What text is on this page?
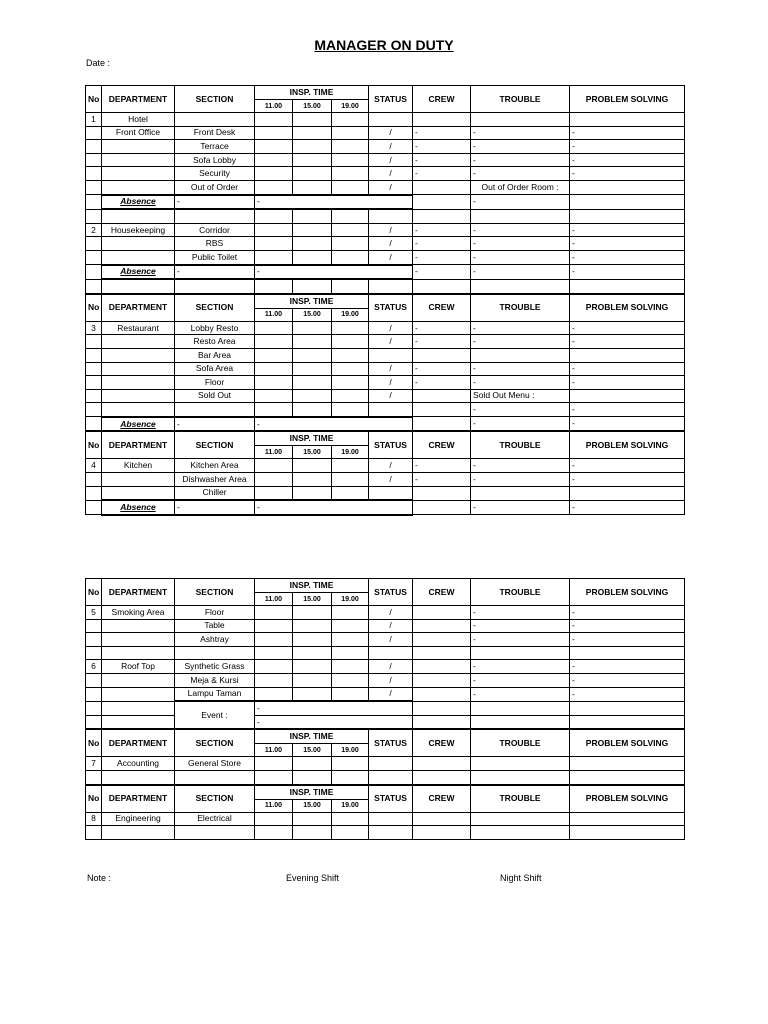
MANAGER ON DUTY
Date :
No	DEPARTMENT	SECTION	INSP. TIME			STATUS	CREW	TROUBLE	PROBLEM SOLVING
			11.00	15.00	19.00				
1	Hotel								
	Front Office	Front Desk				/	-	-	-
		Terrace				/	-	-	-
		Sofa Lobby				/	-	-	-
		Security				/	-	-	-
		Out of Order				/		Out of Order Room :	
	Absence	-	-					-	

2	Housekeeping	Corridor				/	-	-	-
		RBS				/	-	-	-
		Public Toilet				/	-	-	-
	Absence	-	-				-	-	-

No	DEPARTMENT	SECTION	INSP. TIME			STATUS	CREW	TROUBLE	PROBLEM SOLVING
			11.00	15.00	19.00				
3	Restaurant	Lobby Resto				/	-	-	-
		Resto Area				/	-	-	-
		Bar Area							
		Sofa Area				/	-	-	-
		Floor				/	-	-	-
		Sold Out				/		Sold Out Menu :	
								-	-
	Absence	-	-					-	-
No	DEPARTMENT	SECTION	INSP. TIME			STATUS	CREW	TROUBLE	PROBLEM SOLVING
			11.00	15.00	19.00				
4	Kitchen	Kitchen Area				/	-	-	-
		Dishwasher Area				/	-	-	-
		Chiller							
	Absence	-	-					-	-
No	DEPARTMENT	SECTION	INSP. TIME			STATUS	CREW	TROUBLE	PROBLEM SOLVING
			11.00	15.00	19.00				
5	Smoking Area	Floor				/		-	-
		Table				/		-	-
		Ashtray				/		-	-

6	Roof Top	Synthetic Grass				/		-	-
		Meja & Kursi				/		-	-
		Lampu Taman				/		-	-
		Event :	-						
			-						
No	DEPARTMENT	SECTION	INSP. TIME			STATUS	CREW	TROUBLE	PROBLEM SOLVING
			11.00	15.00	19.00				
7	Accounting	General Store							

No	DEPARTMENT	SECTION	INSP. TIME			STATUS	CREW	TROUBLE	PROBLEM SOLVING
			11.00	15.00	19.00				
8	Engineering	Electrical							

Note :	Evening Shift	Night Shift
